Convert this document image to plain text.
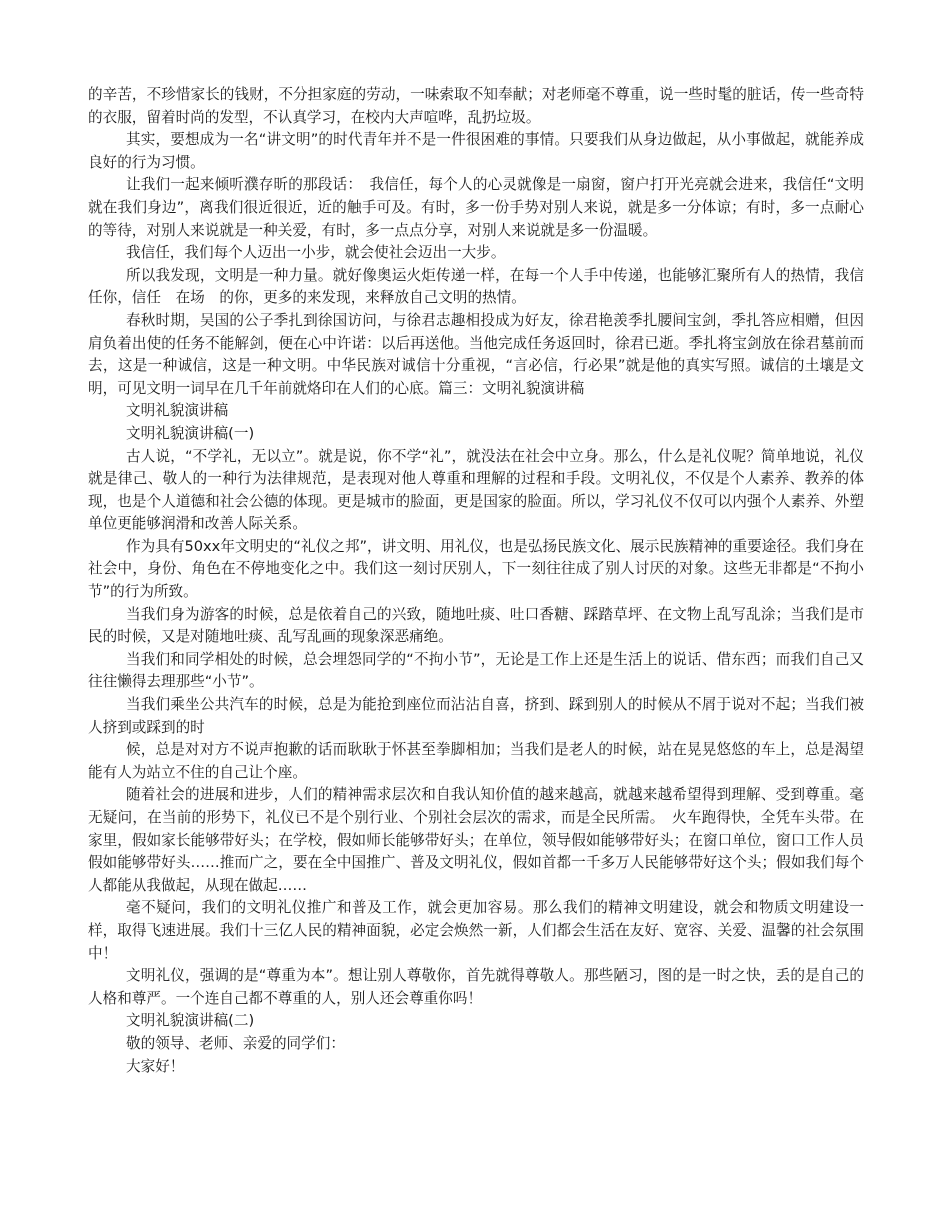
的辛苦，不珍惜家长的钱财，不分担家庭的劳动，一味索取不知奉献；对老师毫不尊重，说一些时髦的脏话，传一些奇特的衣服，留着时尚的发型，不认真学习，在校内大声喧哗，乱扔垃圾。

其实，要想成为一名“讲文明”的时代青年并不是一件很困难的事情。只要我们从身边做起，从小事做起，就能养成良好的行为习惯。

让我们一起来倾听濮存昕的那段话：　我信任，每个人的心灵就像是一扇窗，窗户打开光亮就会进来，我信任“文明就在我们身边”，离我们很近很近，近的触手可及。有时，多一份手势对别人来说，就是多一分体谅；有时，多一点耐心的等待，对别人来说就是一种关爱，有时，多一点点分享，对别人来说就是多一份温暖。

我信任，我们每个人迈出一小步，就会使社会迈出一大步。

所以我发现，文明是一种力量。就好像奥运火炬传递一样，在每一个人手中传递，也能够汇聚所有人的热情，我信任你，信任　在场　的你，更多的来发现，来释放自己文明的热情。

春秋时期，吴国的公子季扎到徐国访问，与徐君志趣相投成为好友，徐君艳羡季扎腰间宝剑，季扎答应相赠，但因肩负着出使的任务不能解剑，便在心中许诺：以后再送他。当他完成任务返回时，徐君已逝。季扎将宝剑放在徐君墓前而去，这是一种诚信，这是一种文明。中华民族对诚信十分重视，“言必信，行必果”就是他的真实写照。诚信的土壤是文明，可见文明一词早在几千年前就烙印在人们的心底。篇三：文明礼貌演讲稿

文明礼貌演讲稿

文明礼貌演讲稿(一)

古人说，“不学礼，无以立”。就是说，你不学“礼”，就没法在社会中立身。那么，什么是礼仪呢？简单地说，礼仪就是律己、敬人的一种行为法律规范，是表现对他人尊重和理解的过程和手段。文明礼仪，不仅是个人素养、教养的体现，也是个人道德和社会公德的体现。更是城市的脸面，更是国家的脸面。所以，学习礼仪不仅可以内强个人素养、外塑单位更能够润滑和改善人际关系。

作为具有50xx年文明史的“礼仪之邦”，讲文明、用礼仪，也是弘扬民族文化、展示民族精神的重要途径。我们身在社会中，身份、角色在不停地变化之中。我们这一刻讨厌别人，下一刻往往成了别人讨厌的对象。这些无非都是“不拘小节”的行为所致。

当我们身为游客的时候，总是依着自己的兴致，随地吐痰、吐口香糖、踩踏草坪、在文物上乱写乱涂；当我们是市民的时候，又是对随地吐痰、乱写乱画的现象深恶痛绝。

当我们和同学相处的时候，总会埋怨同学的“不拘小节”，无论是工作上还是生活上的说话、借东西；而我们自己又往往懒得去理那些“小节”。

当我们乘坐公共汽车的时候，总是为能抢到座位而沾沾自喜，挤到、踩到别人的时候从不屑于说对不起；当我们被人挤到或踩到的时

候，总是对对方不说声抱歉的话而耿耿于怀甚至拳脚相加；当我们是老人的时候，站在晃晃悠悠的车上，总是渴望能有人为站立不住的自己让个座。

随着社会的进展和进步，人们的精神需求层次和自我认知价值的越来越高，就越来越希望得到理解、受到尊重。毫无疑问，在当前的形势下，礼仪已不是个别行业、个别社会层次的需求，而是全民所需。　火车跑得快，全凭车头带。在家里，假如家长能够带好头；在学校，假如师长能够带好头；在单位，领导假如能够带好头；在窗口单位，窗口工作人员假如能够带好头……推而广之，要在全中国推广、普及文明礼仪，假如首都一千多万人民能够带好这个头；假如我们每个人都能从我做起，从现在做起……

毫不疑问，我们的文明礼仪推广和普及工作，就会更加容易。那么我们的精神文明建设，就会和物质文明建设一样，取得飞速进展。我们十三亿人民的精神面貌，必定会焕然一新，人们都会生活在友好、宽容、关爱、温馨的社会氛围中！

文明礼仪，强调的是“尊重为本”。想让别人尊敬你，首先就得尊敬人。那些陋习，图的是一时之快，丢的是自己的人格和尊严。一个连自己都不尊重的人，别人还会尊重你吗！

文明礼貌演讲稿(二)

敬的领导、老师、亲爱的同学们：

大家好！
